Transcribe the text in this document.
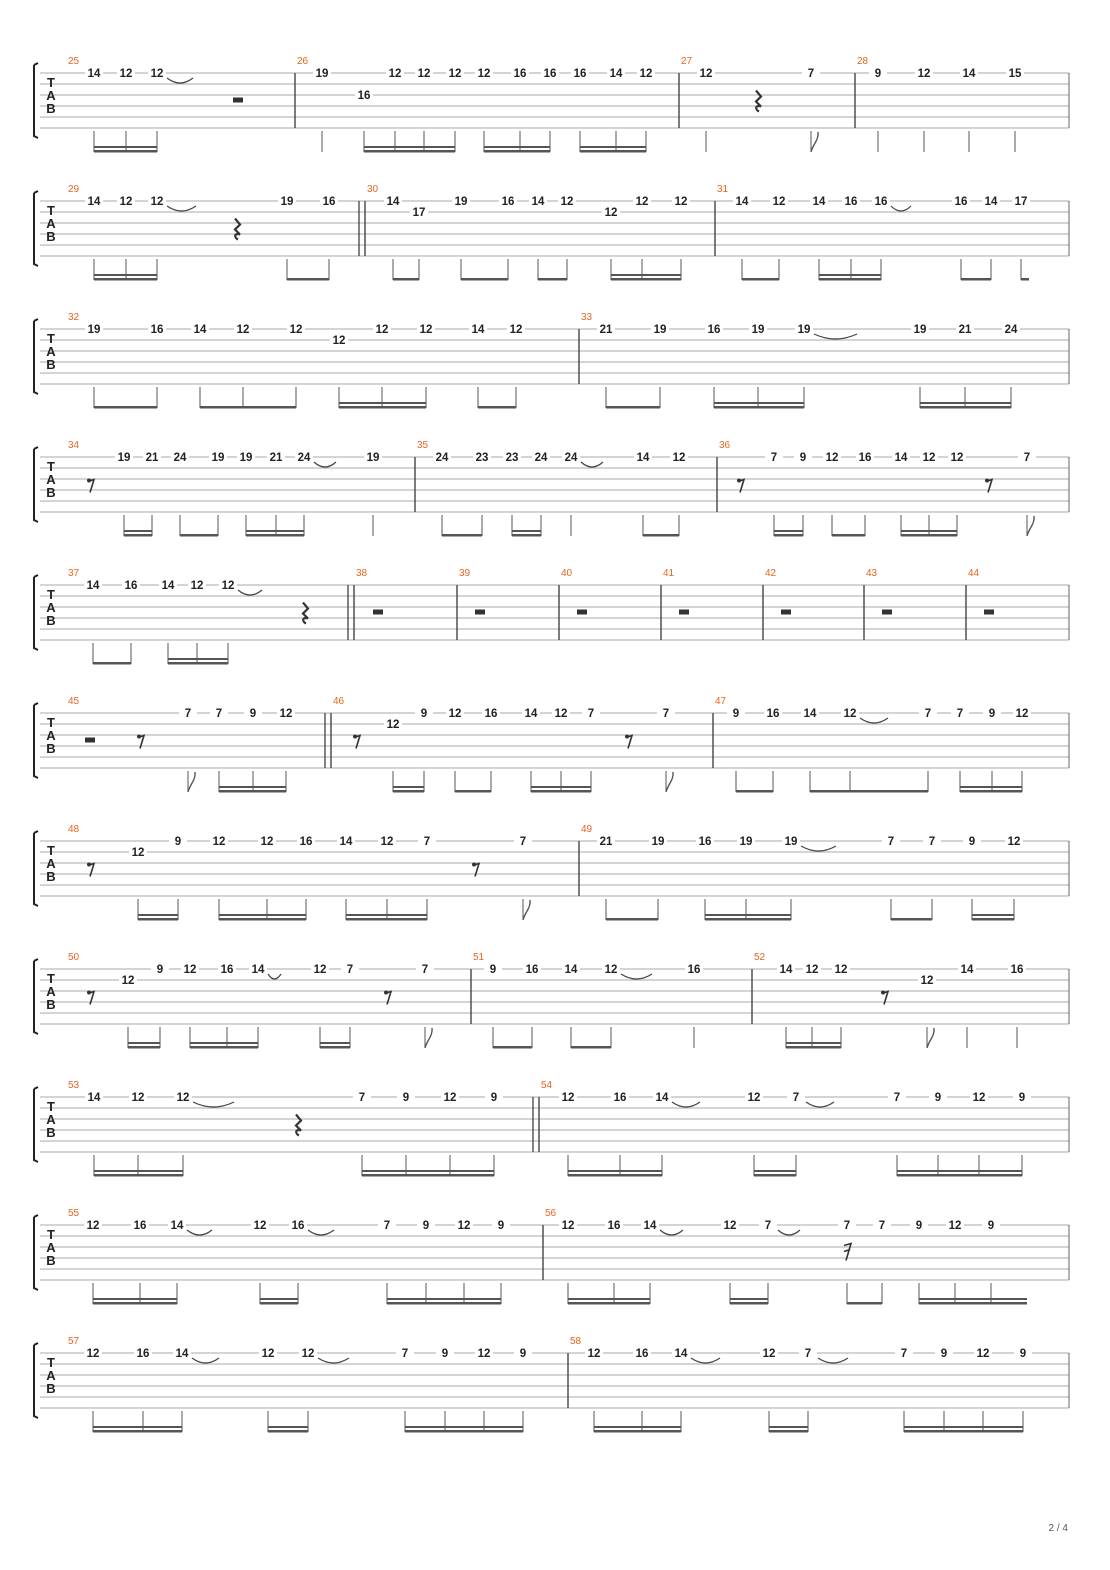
T
A
B
25
14 12 12
26
19
16
12 12 12 12 16 16 16 14 12
27
12	7
28
9	12	14	15
T
A
B
29
14 12 12	19	16
30
14
17
19	16 14 12
12
12 12
31
14 12 14 16 16	16 14 17
T
A
B
32
19	16	14	12	12
12
12	12	14 12
33
21	19	16	19	19	19	21	24
T
A
B
34
19 21 24 19 19 21 24	19
35
24 23 23 24 24	14 12
36
7 9 12 16 14 12 12	7
T
A
B
37
14 16 14 12 12
38	39	40	41	42	43	44
T
A
B
45
7 7 9 12
46
12
9 12 16 14 12 7	7
47
9 16 14 12	7 7 9 12
T
A
B
48
12
9	12	12 16 14 12	7	7
49
21	19	16 19	19	7	7	9	12
T
A
B
50
12
9 12 16 14	12 7	7
51
9	16 14 12	16
52
14 12 12
12
14	16
T
A
B
53
14	12	12	7	9	12	9
54
12	16	14	12	7	7	9	12	9
T
A
B
55
12	16 14	12 16	7	9 12 9
56
12	16 14	12 7	7 7	9 12 9
T
A
B
57
12	16 14	12 12	7	9	12	9
58
12	16 14	12	7	7	9	12	9
2 / 4
